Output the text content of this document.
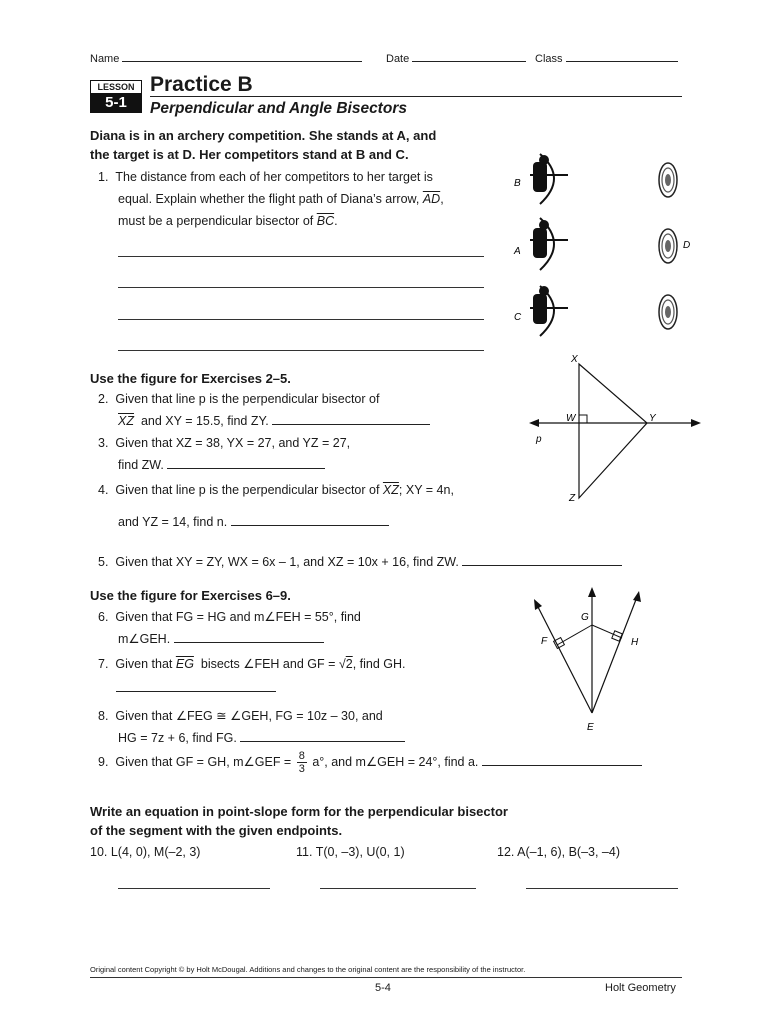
Name	Date	Class
LESSON
5-1
Practice B
Perpendicular and Angle Bisectors
Diana is in an archery competition. She stands at A, and
the target is at D. Her competitors stand at B and C.
1. The distance from each of her competitors to her target is
equal. Explain whether the flight path of Diana’s arrow, $\overline{AD}$,
must be a perpendicular bisector of $\overline{BC}$.
B
A
C
D
Use the figure for Exercises 2–5.
2. Given that line p is the perpendicular bisector of
$\overline{XZ}$ and XY = 15.5, find ZY.
3. Given that XZ = 38, YX = 27, and YZ = 27,
find ZW.
4. Given that line p is the perpendicular bisector of $\overline{XZ}$; XY = 4n,
and YZ = 14, find n.
5. Given that XY = ZY, WX = 6x – 1, and XZ = 10x + 16, find ZW.
X
W	Y
p
Z
Use the figure for Exercises 6–9.
6. Given that FG = HG and m∠FEH = 55°, find
m∠GEH.
7. Given that $\overline{EG}$ bisects ∠FEH and GF = √2, find GH.
8. Given that ∠FEG ≅ ∠GEH, FG = 10z – 30, and
HG = 7z + 6, find FG.
9. Given that GF = GH, m∠GEF = $\frac{8}{3} a^\circ$, and m∠GEH = 24°, find a.
G
F	H
E
Write an equation in point-slope form for the perpendicular bisector
of the segment with the given endpoints.
10. L(4, 0), M(–2, 3)	11. T(0, –3), U(0, 1)	12. A(–1, 6), B(–3, –4)
Original content Copyright © by Holt McDougal. Additions and changes to the original content are the responsibility of the instructor.
5-4	Holt Geometry
